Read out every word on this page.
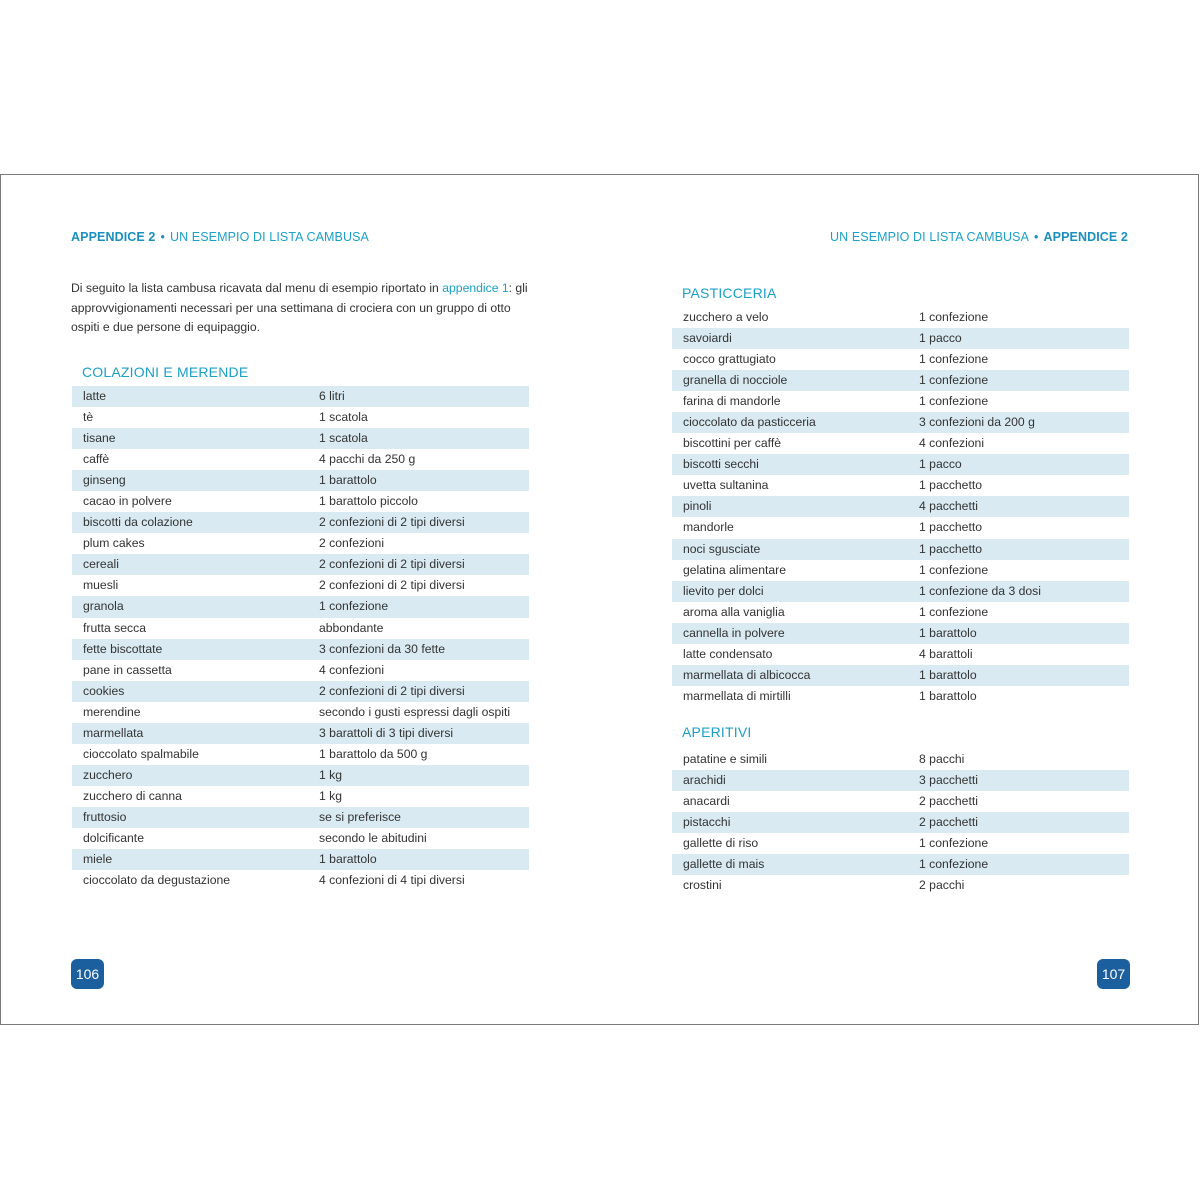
APPENDICE 2 • UN ESEMPIO DI LISTA CAMBUSA	UN ESEMPIO DI LISTA CAMBUSA • APPENDICE 2

Di seguito la lista cambusa ricavata dal menu di esempio riportato in appendice 1: gli approvvigionamenti necessari per una settimana di crociera con un gruppo di otto ospiti e due persone di equipaggio.

COLAZIONI E MERENDE
latte	6 litri
tè	1 scatola
tisane	1 scatola
caffè	4 pacchi da 250 g
ginseng	1 barattolo
cacao in polvere	1 barattolo piccolo
biscotti da colazione	2 confezioni di 2 tipi diversi
plum cakes	2 confezioni
cereali	2 confezioni di 2 tipi diversi
muesli	2 confezioni di 2 tipi diversi
granola	1 confezione
frutta secca	abbondante
fette biscottate	3 confezioni da 30 fette
pane in cassetta	4 confezioni
cookies	2 confezioni di 2 tipi diversi
merendine	secondo i gusti espressi dagli ospiti
marmellata	3 barattoli di 3 tipi diversi
cioccolato spalmabile	1 barattolo da 500 g
zucchero	1 kg
zucchero di canna	1 kg
fruttosio	se si preferisce
dolcificante	secondo le abitudini
miele	1 barattolo
cioccolato da degustazione	4 confezioni di 4 tipi diversi
PASTICCERIA
zucchero a velo	1 confezione
savoiardi	1 pacco
cocco grattugiato	1 confezione
granella di nocciole	1 confezione
farina di mandorle	1 confezione
cioccolato da pasticceria	3 confezioni da 200 g
biscottini per caffè	4 confezioni
biscotti secchi	1 pacco
uvetta sultanina	1 pacchetto
pinoli	4 pacchetti
mandorle	1 pacchetto
noci sgusciate	1 pacchetto
gelatina alimentare	1 confezione
lievito per dolci	1 confezione da 3 dosi
aroma alla vaniglia	1 confezione
cannella in polvere	1 barattolo
latte condensato	4 barattoli
marmellata di albicocca	1 barattolo
marmellata di mirtilli	1 barattolo
APERITIVI
patatine e simili	8 pacchi
arachidi	3 pacchetti
anacardi	2 pacchetti
pistacchi	2 pacchetti
gallette di riso	1 confezione
gallette di mais	1 confezione
crostini	2 pacchi
106	107
